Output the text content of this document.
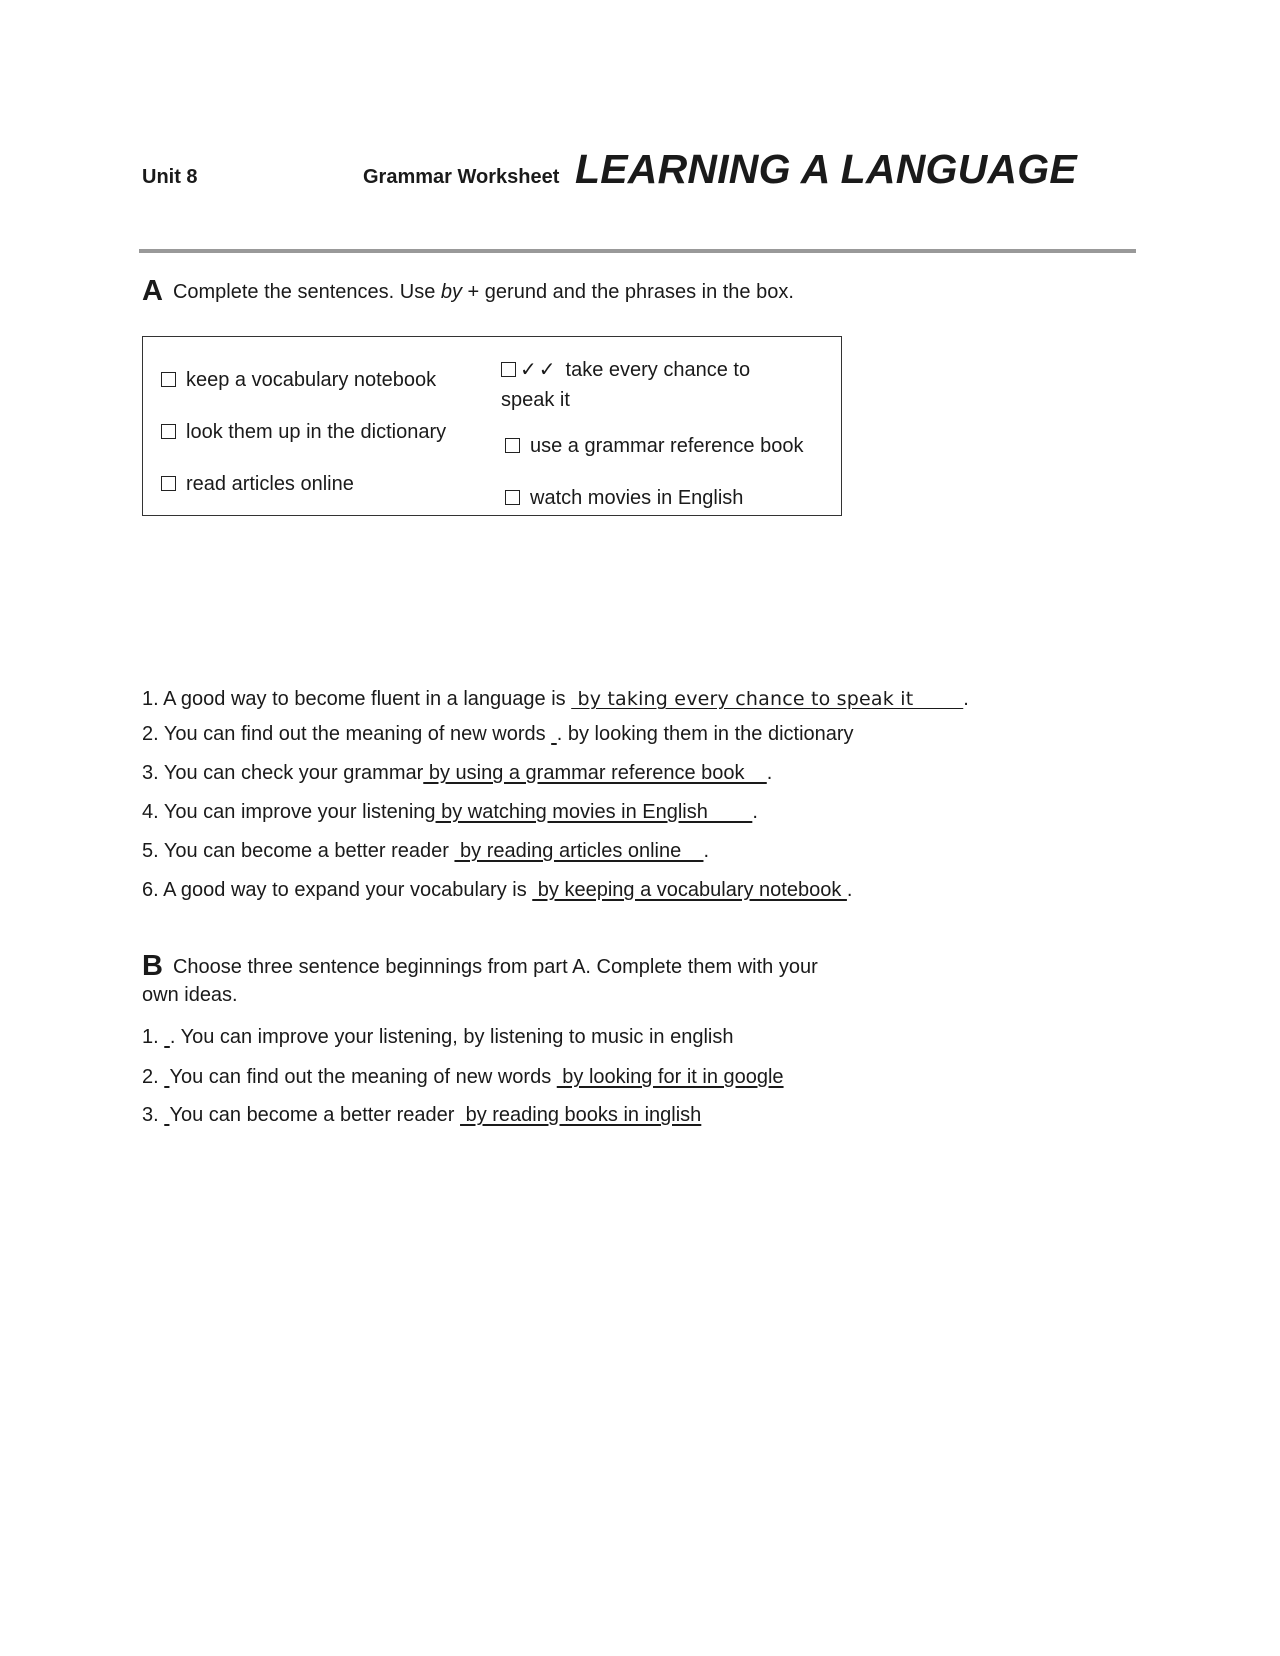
Unit 8	Grammar Worksheet LEARNING A LANGUAGE
A Complete the sentences. Use by + gerund and the phrases in the box.
keep a vocabulary notebook
look them up in the dictionary
read articles online
✓✓ take every chance to
speak it
use a grammar reference book
watch movies in English
1. A good way to become fluent in a language is  by taking every chance to speak it        .
2. You can find out the meaning of new words  . by looking them in the dictionary
3. You can check your grammar by using a grammar reference book    .
4. You can improve your listening by watching movies in English        .
5. You can become a better reader  by reading articles online    .
6. A good way to expand your vocabulary is  by keeping a vocabulary notebook .
B Choose three sentence beginnings from part A. Complete them with your
own ideas.
1.  . You can improve your listening, by listening to music in english
2.  You can find out the meaning of new words  by looking for it in google
3.  You can become a better reader  by reading books in inglish
